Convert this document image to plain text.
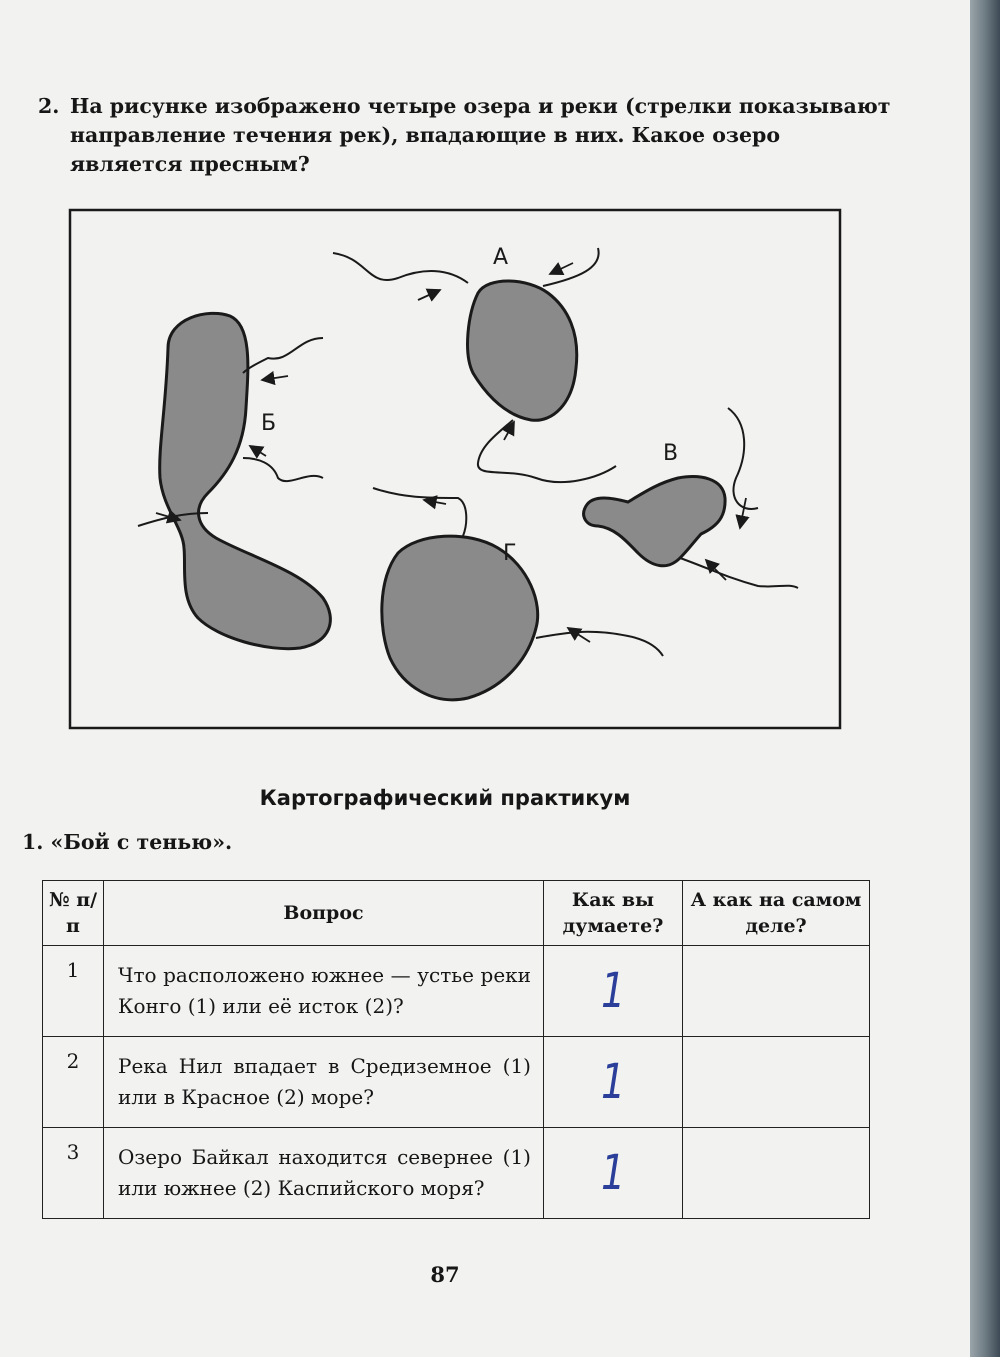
2. На рисунке изображено четыре озера и реки (стрелки показывают направление течения рек), впадающие в них. Какое озеро является пресным?
А
Б
В
Г
Картографический практикум
1. «Бой с тенью».
№ п/п	Вопрос	Как вы думаете?	А как на самом деле?
1	Что расположено южнее — устье реки Конго (1) или её исток (2)?	1	
2	Река Нил впадает в Средиземное (1) или в Красное (2) море?	1	
3	Озеро Байкал находится севернее (1) или южнее (2) Каспийского моря?	1	
87
